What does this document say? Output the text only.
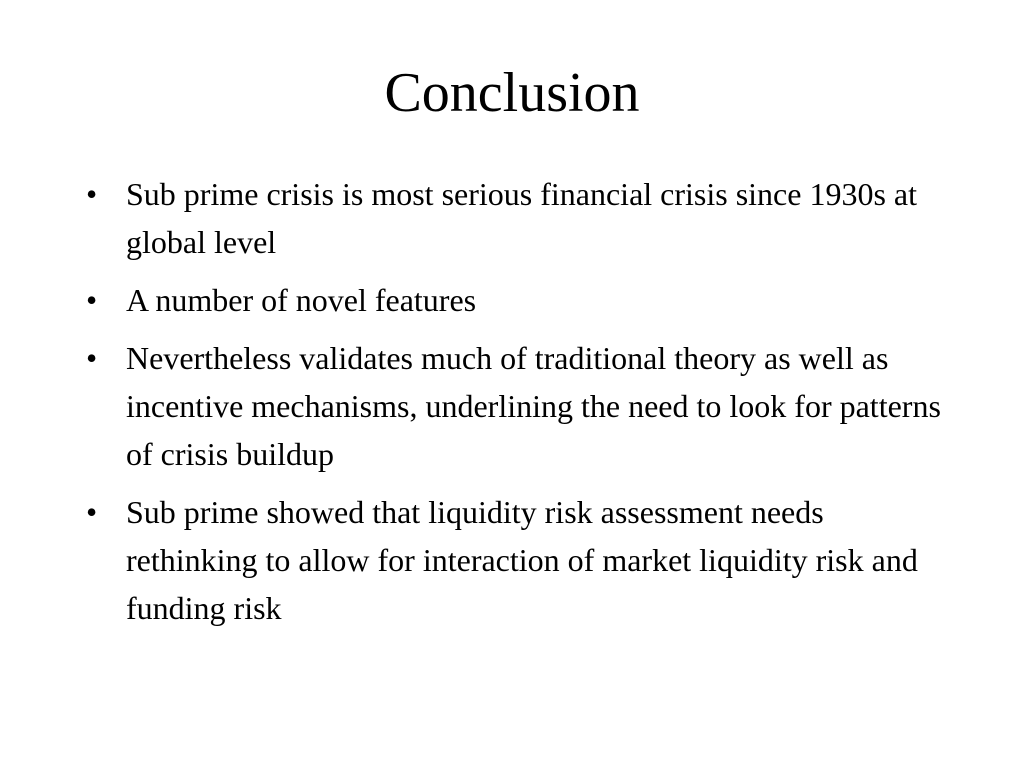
Conclusion
• Sub prime crisis is most serious financial crisis since 1930s at global level
• A number of novel features
• Nevertheless validates much of traditional theory as well as incentive mechanisms, underlining the need to look for patterns of crisis buildup
• Sub prime showed that liquidity risk assessment needs rethinking to allow for interaction of market liquidity risk and funding risk
